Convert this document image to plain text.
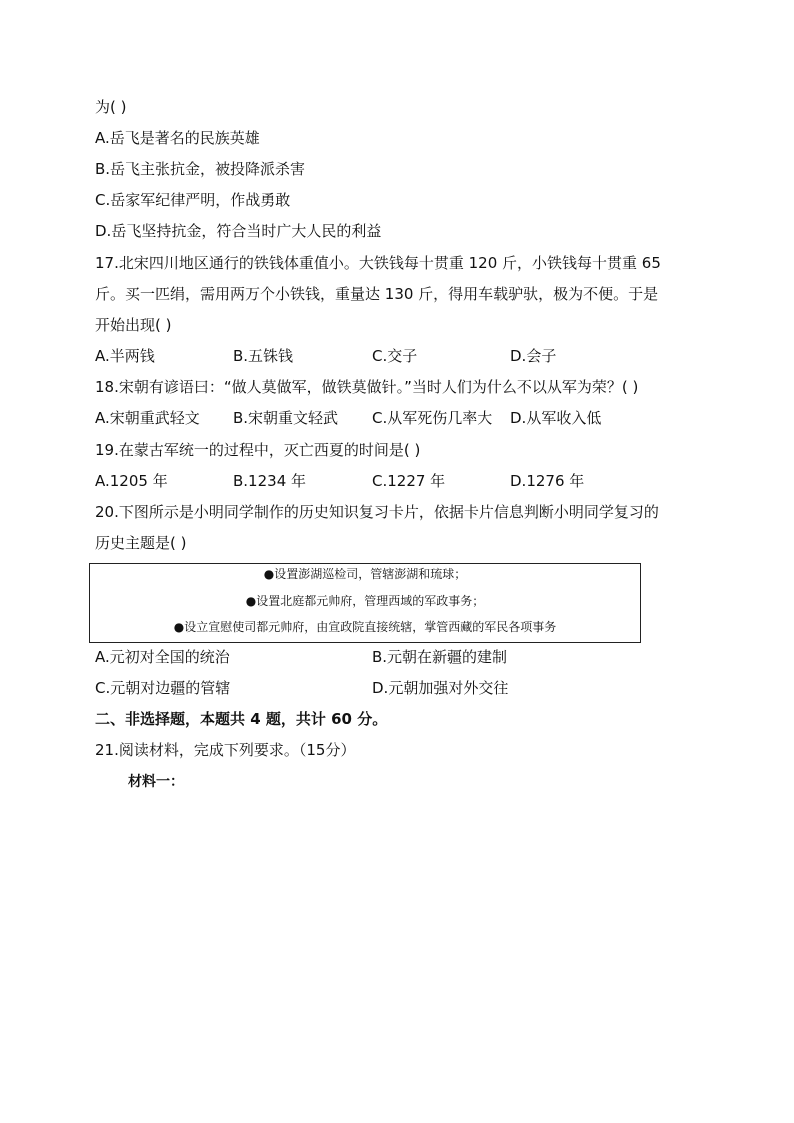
为( )
A.岳飞是著名的民族英雄
B.岳飞主张抗金，被投降派杀害
C.岳家军纪律严明，作战勇敢
D.岳飞坚持抗金，符合当时广大人民的利益
17.北宋四川地区通行的铁钱体重值小。大铁钱每十贯重 120 斤，小铁钱每十贯重 65
斤。买一匹绢，需用两万个小铁钱，重量达 130 斤，得用车载驴驮，极为不便。于是
开始出现( )
A.半两钱	B.五铢钱	C.交子	D.会子
18.宋朝有谚语曰：“做人莫做军，做铁莫做针。”当时人们为什么不以从军为荣？( )
A.宋朝重武轻文 B.宋朝重文轻武 C.从军死伤几率大 D.从军收入低
19.在蒙古军统一的过程中，灭亡西夏的时间是( )
A.1205 年	B.1234 年	C.1227 年	D.1276 年
20.下图所示是小明同学制作的历史知识复习卡片，依据卡片信息判断小明同学复习的
历史主题是( )
●设置澎湖巡检司，管辖澎湖和琉球；
●设置北庭都元帅府，管理西域的军政事务；
●设立宣慰使司都元帅府，由宣政院直接统辖，掌管西藏的军民各项事务
A.元初对全国的统治	B.元朝在新疆的建制
C.元朝对边疆的管辖	D.元朝加强对外交往
二、非选择题，本题共 4 题，共计 60 分。
21.阅读材料，完成下列要求。（15分）
材料一：
